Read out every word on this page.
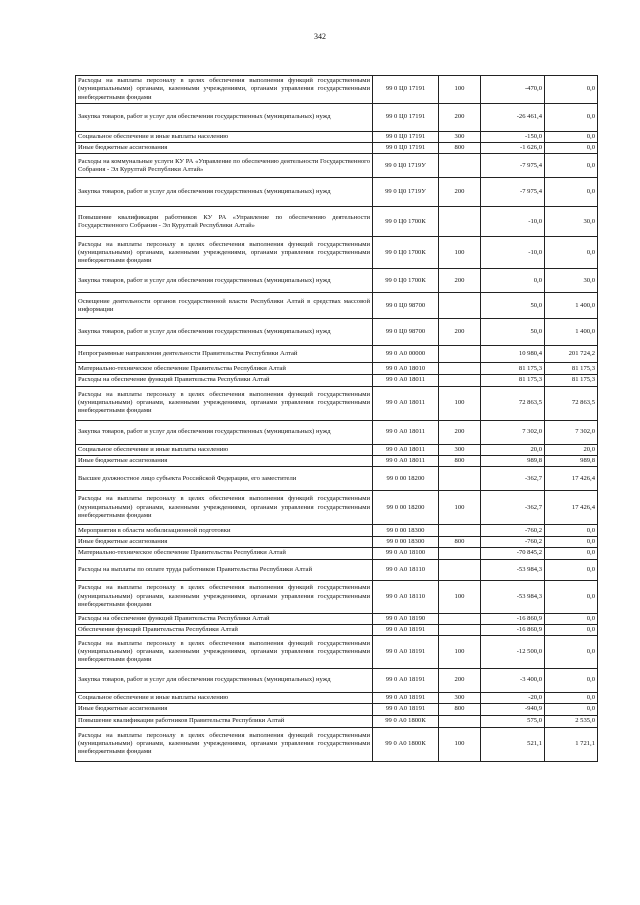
342
Расходы на выплаты персоналу в целях обеспечения выполнения функций государственными (муниципальными) органами, казенными учреждениями, органами управления государственными внебюджетными фондами	99 0 Ц0 17191	100	-470,0	0,0
Закупка товаров, работ и услуг для обеспечения государственных (муниципальных) нужд	99 0 Ц0 17191	200	-26 461,4	0,0
Социальное обеспечение и иные выплаты населению	99 0 Ц0 17191	300	-150,0	0,0
Иные бюджетные ассигнования	99 0 Ц0 17191	800	-1 626,0	0,0
Расходы на коммунальные услуги КУ РА «Управление по обеспечению деятельности Государственного Собрания - Эл Курултай Республики Алтай»	99 0 Ц0 1719У		-7 975,4	0,0
Закупка товаров, работ и услуг для обеспечения государственных (муниципальных) нужд	99 0 Ц0 1719У	200	-7 975,4	0,0
Повышение квалификации работников КУ РА «Управление по обеспечению деятельности Государственного Собрания - Эл Курултай Республики Алтай»	99 0 Ц0 1700К		-10,0	30,0
Расходы на выплаты персоналу в целях обеспечения выполнения функций государственными (муниципальными) органами, казенными учреждениями, органами управления государственными внебюджетными фондами	99 0 Ц0 1700К	100	-10,0	0,0
Закупка товаров, работ и услуг для обеспечения государственных (муниципальных) нужд	99 0 Ц0 1700К	200	0,0	30,0
Освещение деятельности органов государственной власти Республики Алтай в средствах массовой информации	99 0 Ц0 98700		50,0	1 400,0
Закупка товаров, работ и услуг для обеспечения государственных (муниципальных) нужд	99 0 Ц0 98700	200	50,0	1 400,0
Непрограммные направления деятельности Правительства Республики Алтай	99 0 А0 00000		10 980,4	201 724,2
Материально-техническое обеспечение Правительства Республики Алтай	99 0 А0 18010		81 175,3	81 175,3
Расходы на обеспечение функций Правительства Республики Алтай	99 0 А0 18011		81 175,3	81 175,3
Расходы на выплаты персоналу в целях обеспечения выполнения функций государственными (муниципальными) органами, казенными учреждениями, органами управления государственными внебюджетными фондами	99 0 А0 18011	100	72 863,5	72 863,5
Закупка товаров, работ и услуг для обеспечения государственных (муниципальных) нужд	99 0 А0 18011	200	7 302,0	7 302,0
Социальное обеспечение и иные выплаты населению	99 0 А0 18011	300	20,0	20,0
Иные бюджетные ассигнования	99 0 А0 18011	800	989,8	989,8
Высшее должностное лицо субъекта Российской Федерации, его заместители	99 0 00 18200		-362,7	17 426,4
Расходы на выплаты персоналу в целях обеспечения выполнения функций государственными (муниципальными) органами, казенными учреждениями, органами управления государственными внебюджетными фондами	99 0 00 18200	100	-362,7	17 426,4
Мероприятия в области мобилизационной подготовки	99 0 00 18300		-760,2	0,0
Иные бюджетные ассигнования	99 0 00 18300	800	-760,2	0,0
Материально-техническое обеспечение Правительства Республики Алтай	99 0 А0 18100		-70 845,2	0,0
Расходы на выплаты по оплате труда работников Правительства Республики Алтай	99 0 А0 18110		-53 984,3	0,0
Расходы на выплаты персоналу в целях обеспечения выполнения функций государственными (муниципальными) органами, казенными учреждениями, органами управления государственными внебюджетными фондами	99 0 А0 18110	100	-53 984,3	0,0
Расходы на обеспечение функций Правительства Республики Алтай	99 0 А0 18190		-16 860,9	0,0
Обеспечение функций Правительства Республики Алтай	99 0 А0 18191		-16 860,9	0,0
Расходы на выплаты персоналу в целях обеспечения выполнения функций государственными (муниципальными) органами, казенными учреждениями, органами управления государственными внебюджетными фондами	99 0 А0 18191	100	-12 500,0	0,0
Закупка товаров, работ и услуг для обеспечения государственных (муниципальных) нужд	99 0 А0 18191	200	-3 400,0	0,0
Социальное обеспечение и иные выплаты населению	99 0 А0 18191	300	-20,0	0,0
Иные бюджетные ассигнования	99 0 А0 18191	800	-940,9	0,0
Повышение квалификации работников Правительства Республики Алтай	99 0 А0 1800К		575,0	2 535,0
Расходы на выплаты персоналу в целях обеспечения выполнения функций государственными (муниципальными) органами, казенными учреждениями, органами управления государственными внебюджетными фондами	99 0 А0 1800К	100	521,1	1 721,1
